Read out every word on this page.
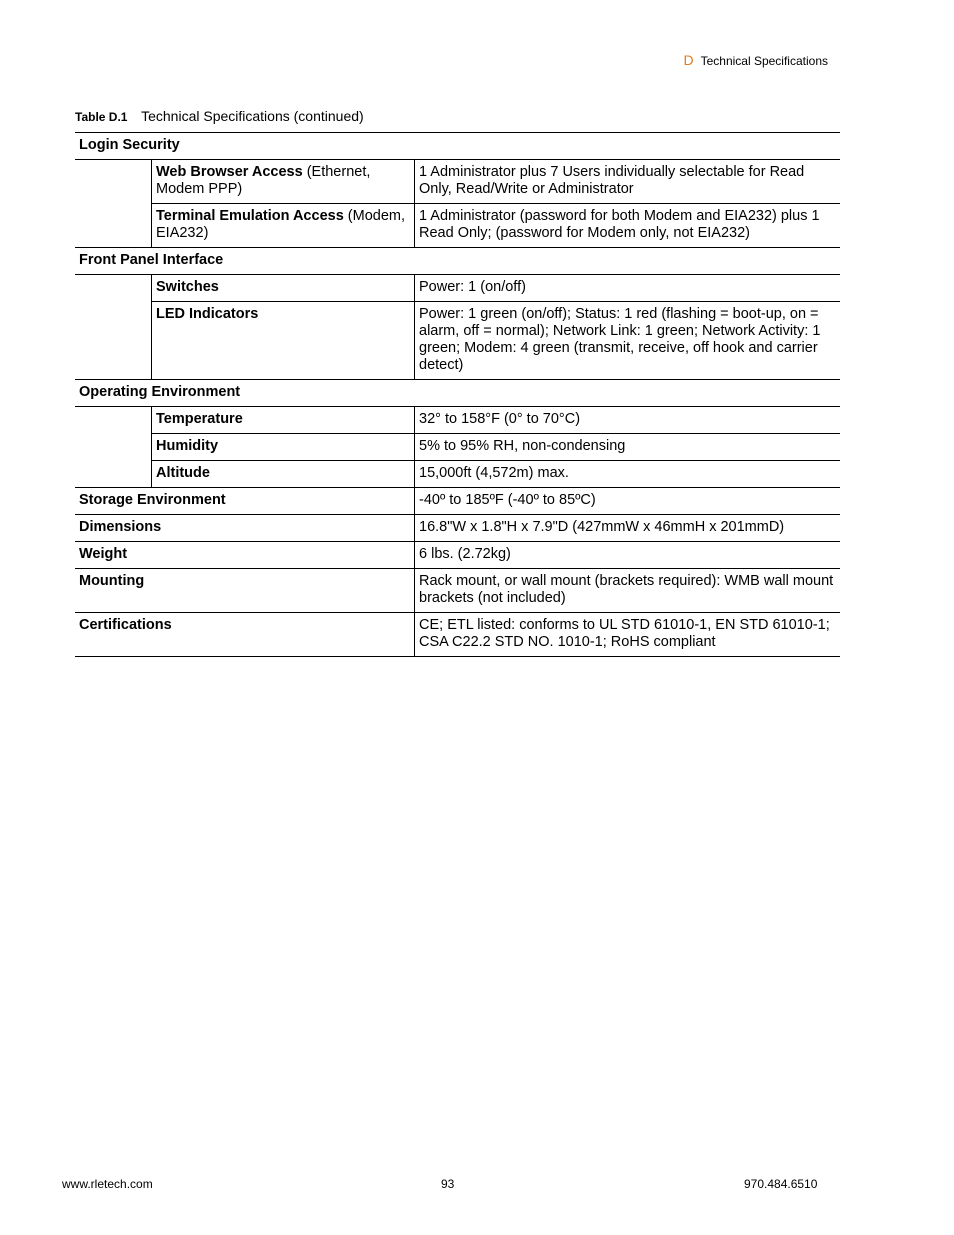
D Technical Specifications
Table D.1 Technical Specifications (continued)
Login Security		
	Web Browser Access (Ethernet, Modem PPP)	1 Administrator plus 7 Users individually selectable for Read Only, Read/Write or Administrator
	Terminal Emulation Access (Modem, EIA232)	1 Administrator (password for both Modem and EIA232) plus 1 Read Only; (password for Modem only, not EIA232)
Front Panel Interface		
	Switches	Power: 1 (on/off)
	LED Indicators	Power: 1 green (on/off); Status: 1 red (flashing = boot-up, on = alarm, off = normal); Network Link: 1 green; Network Activity: 1 green; Modem: 4 green (transmit, receive, off hook and carrier detect)
Operating Environment		
	Temperature	32° to 158°F (0° to 70°C)
	Humidity	5% to 95% RH, non-condensing
	Altitude	15,000ft (4,572m) max.
Storage Environment		-40º to 185ºF (-40º to 85ºC)
Dimensions		16.8"W x 1.8"H x 7.9"D (427mmW x 46mmH x 201mmD)
Weight		6 lbs. (2.72kg)
Mounting		Rack mount, or wall mount (brackets required): WMB wall mount brackets (not included)
Certifications		CE; ETL listed: conforms to UL STD 61010-1, EN STD 61010-1; CSA C22.2 STD NO. 1010-1; RoHS compliant
www.rletech.com	93	970.484.6510
